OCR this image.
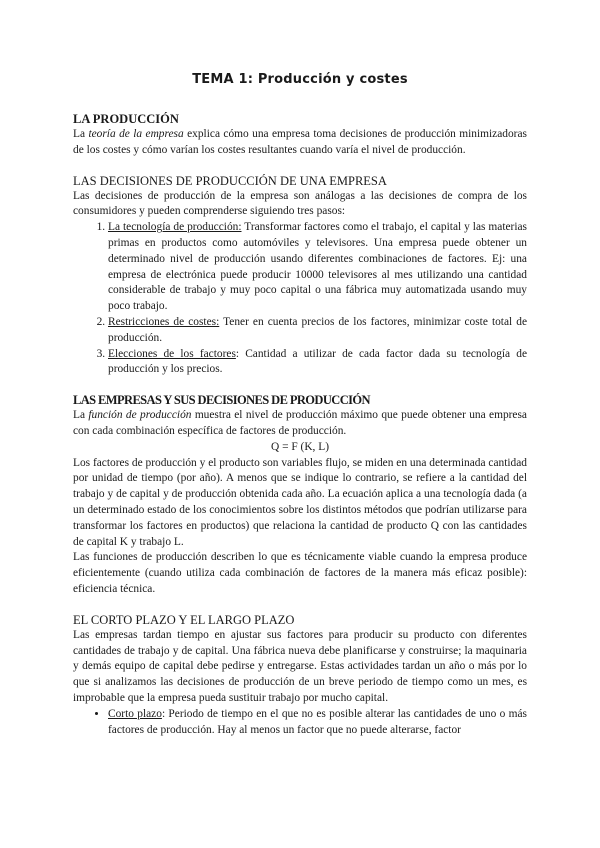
TEMA 1: Producción y costes
LA PRODUCCIÓN

La teoría de la empresa explica cómo una empresa toma decisiones de producción minimizadoras de los costes y cómo varían los costes resultantes cuando varía el nivel de producción.

LAS DECISIONES DE PRODUCCIÓN DE UNA EMPRESA

Las decisiones de producción de la empresa son análogas a las decisiones de compra de los consumidores y pueden comprenderse siguiendo tres pasos:

1. La tecnología de producción: Transformar factores como el trabajo, el capital y las materias primas en productos como automóviles y televisores. Una empresa puede obtener un determinado nivel de producción usando diferentes combinaciones de factores. Ej: una empresa de electrónica puede producir 10000 televisores al mes utilizando una cantidad considerable de trabajo y muy poco capital o una fábrica muy automatizada usando muy poco trabajo.
2. Restricciones de costes: Tener en cuenta precios de los factores, minimizar coste total de producción.
3. Elecciones de los factores: Cantidad a utilizar de cada factor dada su tecnología de producción y los precios.
LAS EMPRESAS Y SUS DECISIONES DE PRODUCCIÓN

La función de producción muestra el nivel de producción máximo que puede obtener una empresa con cada combinación específica de factores de producción.

Q = F (K, L)

Los factores de producción y el producto son variables flujo, se miden en una determinada cantidad por unidad de tiempo (por año). A menos que se indique lo contrario, se refiere a la cantidad del trabajo y de capital y de producción obtenida cada año. La ecuación aplica a una tecnología dada (a un determinado estado de los conocimientos sobre los distintos métodos que podrían utilizarse para transformar los factores en productos) que relaciona la cantidad de producto Q con las cantidades de capital K y trabajo L.

Las funciones de producción describen lo que es técnicamente viable cuando la empresa produce eficientemente (cuando utiliza cada combinación de factores de la manera más eficaz posible): eficiencia técnica.

EL CORTO PLAZO Y EL LARGO PLAZO

Las empresas tardan tiempo en ajustar sus factores para producir su producto con diferentes cantidades de trabajo y de capital. Una fábrica nueva debe planificarse y construirse; la maquinaria y demás equipo de capital debe pedirse y entregarse. Estas actividades tardan un año o más por lo que si analizamos las decisiones de producción de un breve periodo de tiempo como un mes, es improbable que la empresa pueda sustituir trabajo por mucho capital.

• Corto plazo: Periodo de tiempo en el que no es posible alterar las cantidades de uno o más factores de producción. Hay al menos un factor que no puede alterarse, factor
